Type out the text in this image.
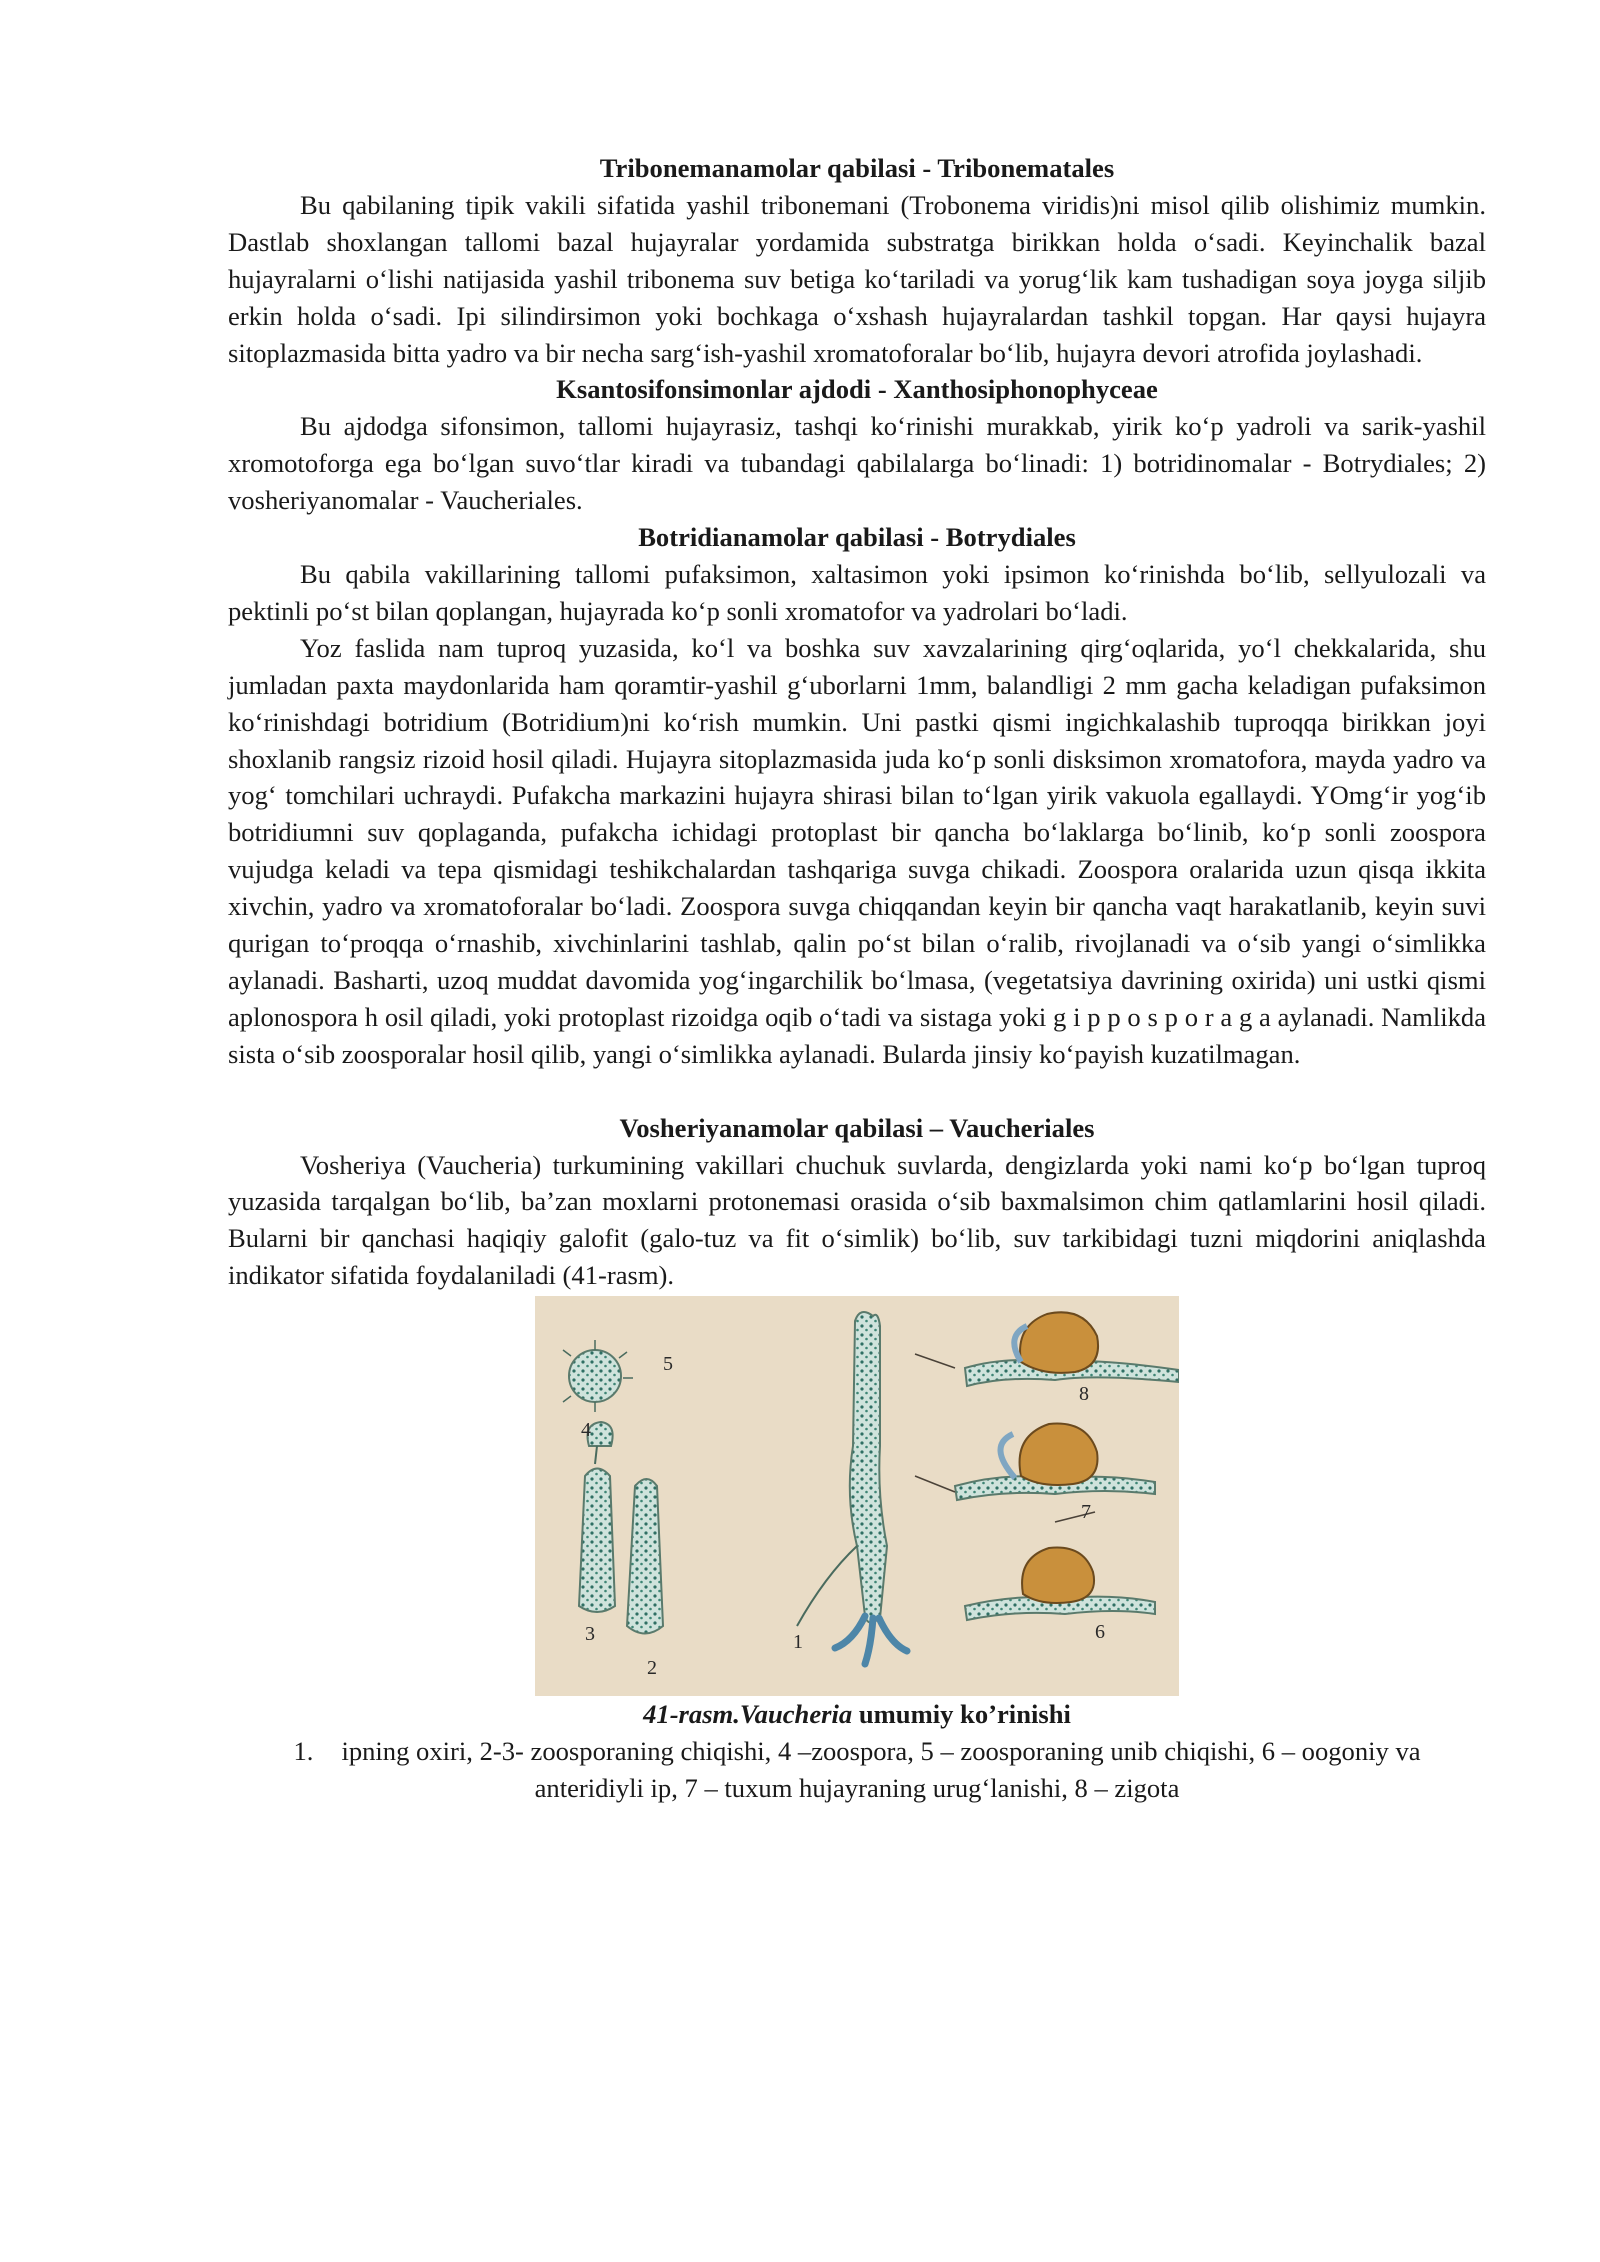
Tribonemanamolar qabilasi - Tribonematales

Bu qabilaning tipik vakili sifatida yashil tribonemani (Trobonema viridis)ni misol qilib olishimiz mumkin. Dastlab shoxlangan tallomi bazal hujayralar yordamida substratga birikkan holda o‘sadi. Keyinchalik bazal hujayralarni o‘lishi natijasida yashil tribonema suv betiga ko‘tariladi va yorug‘lik kam tushadigan soya joyga siljib erkin holda o‘sadi. Ipi silindirsimon yoki bochkaga o‘xshash hujayralardan tashkil topgan. Har qaysi hujayra sitoplazmasida bitta yadro va bir necha sarg‘ish-yashil xromatoforalar bo‘lib, hujayra devori atrofida joylashadi.

Ksantosifonsimonlar ajdodi - Xanthosiphonophyceae

Bu ajdodga sifonsimon, tallomi hujayrasiz, tashqi ko‘rinishi murakkab, yirik ko‘p yadroli va sarik-yashil xromotoforga ega bo‘lgan suvo‘tlar kiradi va tubandagi qabilalarga bo‘linadi: 1) botridinomalar - Botrydiales; 2) vosheriyanomalar - Vaucheriales.

Botridianamolar qabilasi - Botrydiales

Bu qabila vakillarining tallomi pufaksimon, xaltasimon yoki ipsimon ko‘rinishda bo‘lib, sellyulozali va pektinli po‘st bilan qoplangan, hujayrada ko‘p sonli xromatofor va yadrolari bo‘ladi.

Yoz faslida nam tuproq yuzasida, ko‘l va boshka suv xavzalarining qirg‘oqlarida, yo‘l chekkalarida, shu jumladan paxta maydonlarida ham qoramtir-yashil g‘uborlarni 1mm, balandligi 2 mm gacha keladigan pufaksimon ko‘rinishdagi botridium (Botridium)ni ko‘rish mumkin. Uni pastki qismi ingichkalashib tuproqqa birikkan joyi shoxlanib rangsiz rizoid hosil qiladi. Hujayra sitoplazmasida juda ko‘p sonli disksimon xromatofora, mayda yadro va yog‘ tomchilari uchraydi. Pufakcha markazini hujayra shirasi bilan to‘lgan yirik vakuola egallaydi. YOmg‘ir yog‘ib botridiumni suv qoplaganda, pufakcha ichidagi protoplast bir qancha bo‘laklarga bo‘linib, ko‘p sonli zoospora vujudga keladi va tepa qismidagi teshikchalardan tashqariga suvga chikadi. Zoospora oralarida uzun qisqa ikkita xivchin, yadro va xromatoforalar bo‘ladi. Zoospora suvga chiqqandan keyin bir qancha vaqt harakatlanib, keyin suvi qurigan to‘proqqa o‘rnashib, xivchinlarini tashlab, qalin po‘st bilan o‘ralib, rivojlanadi va o‘sib yangi o‘simlikka aylanadi. Basharti, uzoq muddat davomida yog‘ingarchilik bo‘lmasa, (vegetatsiya davrining oxirida) uni ustki qismi aplonospora h osil qiladi, yoki protoplast rizoidga oqib o‘tadi va sistaga yoki g i p p o s p o r a g a aylanadi. Namlikda sista o‘sib zoosporalar hosil qilib, yangi o‘simlikka aylanadi. Bularda jinsiy ko‘payish kuzatilmagan.

Vosheriyanamolar qabilasi – Vaucheriales

Vosheriya (Vaucheria) turkumining vakillari chuchuk suvlarda, dengizlarda yoki nami ko‘p bo‘lgan tuproq yuzasida tarqalgan bo‘lib, ba’zan moxlarni protonemasi orasida o‘sib baxmalsimon chim qatlamlarini hosil qiladi. Bularni bir qanchasi haqiqiy galofit (galo-tuz va fit o‘simlik) bo‘lib, suv tarkibidagi tuzni miqdorini aniqlashda indikator sifatida foydalaniladi (41-rasm).

1
2
3
4
5
6
7
8
41-rasm.Vaucheria umumiy ko’rinishi
1. ipning oxiri, 2-3- zoosporaning chiqishi, 4 –zoospora, 5 – zoosporaning unib chiqishi, 6 – oogoniy va anteridiyli ip, 7 – tuxum hujayraning urug‘lanishi, 8 – zigota
